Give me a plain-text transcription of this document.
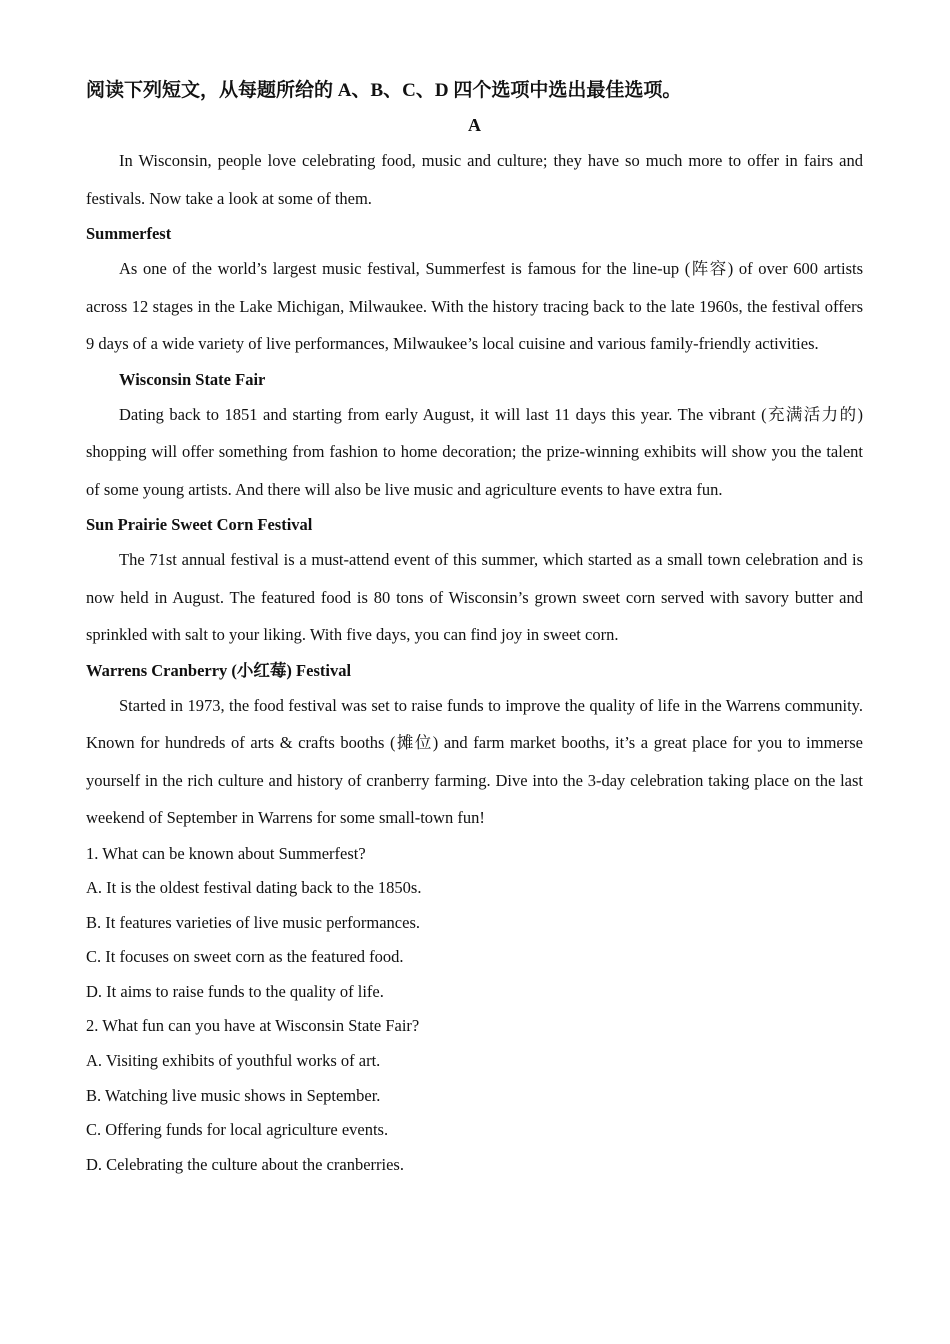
阅读下列短文，从每题所给的 A、B、C、D 四个选项中选出最佳选项。

A

In Wisconsin, people love celebrating food, music and culture; they have so much more to offer in fairs and festivals. Now take a look at some of them.

Summerfest

As one of the world’s largest music festival, Summerfest is famous for the line-up (阵容) of over 600 artists across 12 stages in the Lake Michigan, Milwaukee. With the history tracing back to the late 1960s, the festival offers 9 days of a wide variety of live performances, Milwaukee’s local cuisine and various family-friendly activities.

Wisconsin State Fair

Dating back to 1851 and starting from early August, it will last 11 days this year. The vibrant (充满活力的) shopping will offer something from fashion to home decoration; the prize-winning exhibits will show you the talent of some young artists. And there will also be live music and agriculture events to have extra fun.

Sun Prairie Sweet Corn Festival

The 71st annual festival is a must-attend event of this summer, which started as a small town celebration and is now held in August. The featured food is 80 tons of Wisconsin’s grown sweet corn served with savory butter and sprinkled with salt to your liking. With five days, you can find joy in sweet corn.

Warrens Cranberry (小红莓) Festival

Started in 1973, the food festival was set to raise funds to improve the quality of life in the Warrens community. Known for hundreds of arts & crafts booths (摊位) and farm market booths, it’s a great place for you to immerse yourself in the rich culture and history of cranberry farming. Dive into the 3-day celebration taking place on the last weekend of September in Warrens for some small-town fun!

1. What can be known about Summerfest?

A. It is the oldest festival dating back to the 1850s.

B. It features varieties of live music performances.

C. It focuses on sweet corn as the featured food.

D. It aims to raise funds to the quality of life.

2. What fun can you have at Wisconsin State Fair?

A. Visiting exhibits of youthful works of art.

B. Watching live music shows in September.

C. Offering funds for local agriculture events.

D. Celebrating the culture about the cranberries.
